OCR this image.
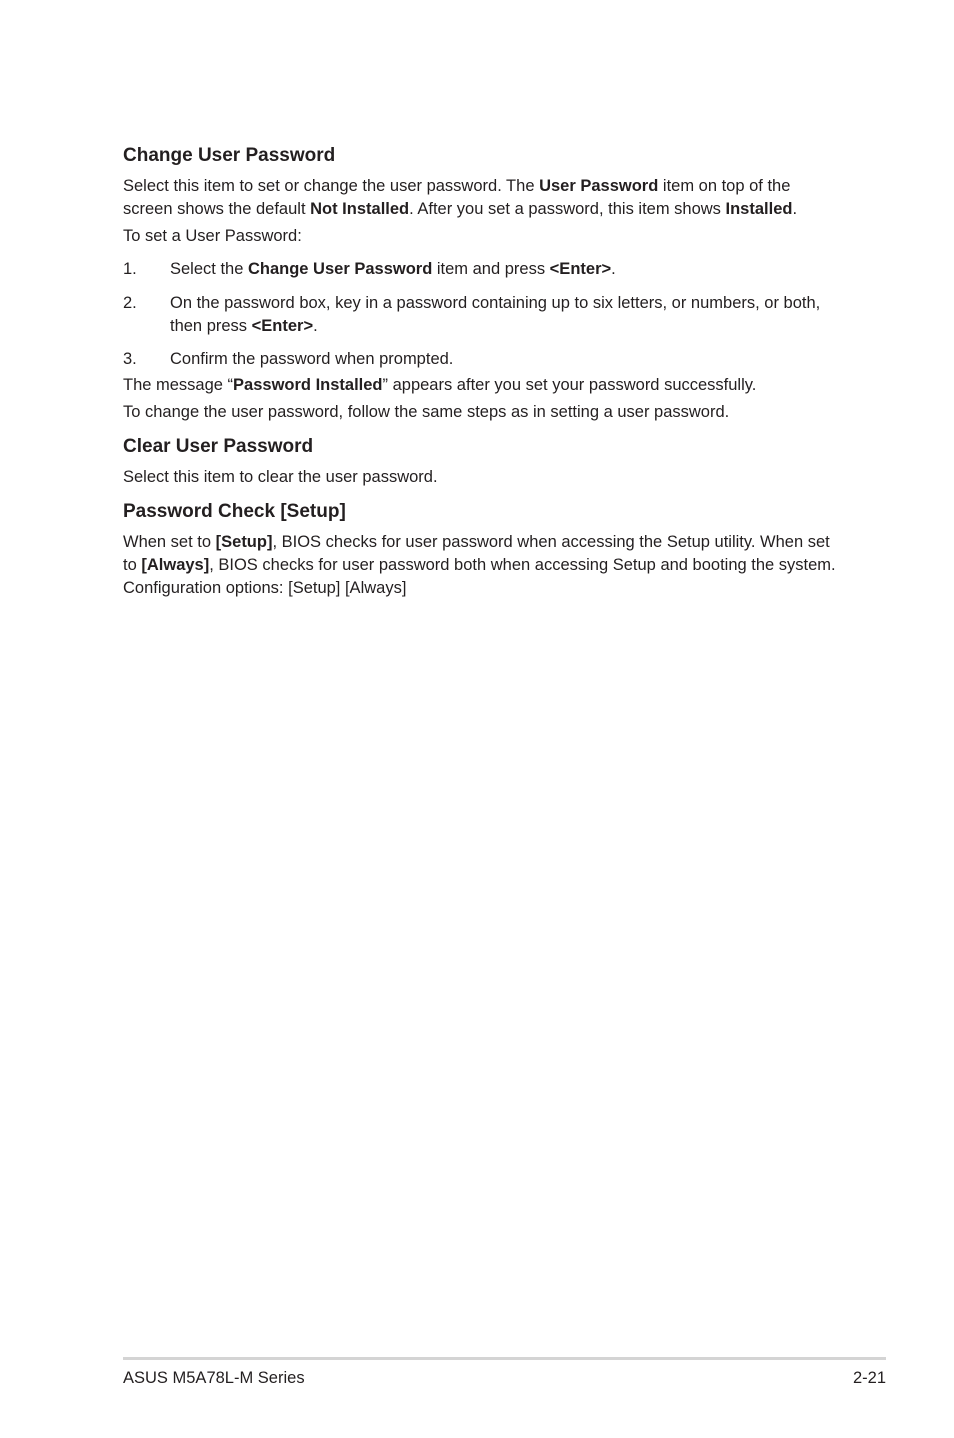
Change User Password
Select this item to set or change the user password. The User Password item on top of the screen shows the default Not Installed. After you set a password, this item shows Installed.
To set a User Password:
1.	Select the Change User Password item and press <Enter>.
2.	On the password box, key in a password containing up to six letters, or numbers, or both, then press <Enter>.
3.	Confirm the password when prompted.
The message “Password Installed” appears after you set your password successfully.
To change the user password, follow the same steps as in setting a user password.
Clear User Password
Select this item to clear the user password.
Password Check [Setup]
When set to [Setup], BIOS checks for user password when accessing the Setup utility. When set to [Always], BIOS checks for user password both when accessing Setup and booting the system. Configuration options: [Setup] [Always]
ASUS M5A78L-M Series	2-21
